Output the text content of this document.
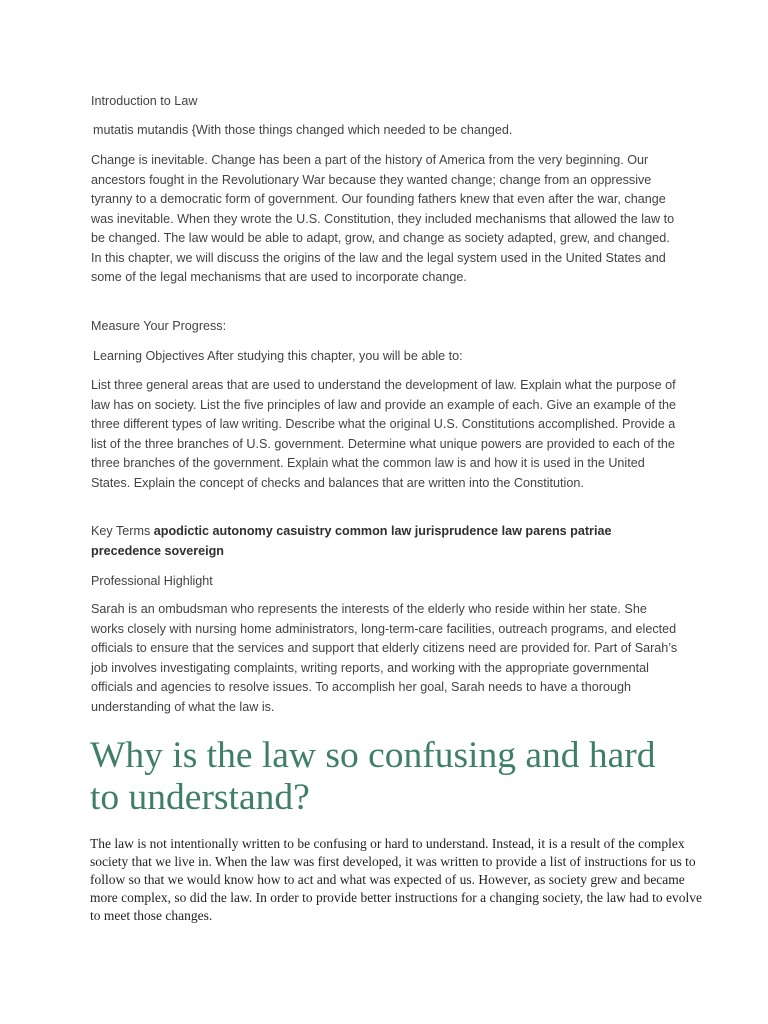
Introduction to Law

mutatis mutandis {With those things changed which needed to be changed.

Change is inevitable. Change has been a part of the history of America from the very beginning. Our ancestors fought in the Revolutionary War because they wanted change; change from an oppressive tyranny to a democratic form of government. Our founding fathers knew that even after the war, change was inevitable. When they wrote the U.S. Constitution, they included mechanisms that allowed the law to be changed. The law would be able to adapt, grow, and change as society adapted, grew, and changed. In this chapter, we will discuss the origins of the law and the legal system used in the United States and some of the legal mechanisms that are used to incorporate change.

Measure Your Progress:

Learning Objectives After studying this chapter, you will be able to:

List three general areas that are used to understand the development of law. Explain what the purpose of law has on society. List the five principles of law and provide an example of each. Give an example of the three different types of law writing. Describe what the original U.S. Constitutions accomplished. Provide a list of the three branches of U.S. government. Determine what unique powers are provided to each of the three branches of the government. Explain what the common law is and how it is used in the United States. Explain the concept of checks and balances that are written into the Constitution.

Key Terms apodictic autonomy casuistry common law jurisprudence law parens patriae precedence sovereign

Professional Highlight

Sarah is an ombudsman who represents the interests of the elderly who reside within her state. She works closely with nursing home administrators, long-term-care facilities, outreach programs, and elected officials to ensure that the services and support that elderly citizens need are provided for. Part of Sarah’s job involves investigating complaints, writing reports, and working with the appropriate governmental officials and agencies to resolve issues. To accomplish her goal, Sarah needs to have a thorough understanding of what the law is.

Why is the law so confusing and hard to understand?

The law is not intentionally written to be confusing or hard to understand. Instead, it is a result of the complex society that we live in. When the law was first developed, it was written to provide a list of instructions for us to follow so that we would know how to act and what was expected of us. However, as society grew and became more complex, so did the law. In order to provide better instructions for a changing society, the law had to evolve to meet those changes.
